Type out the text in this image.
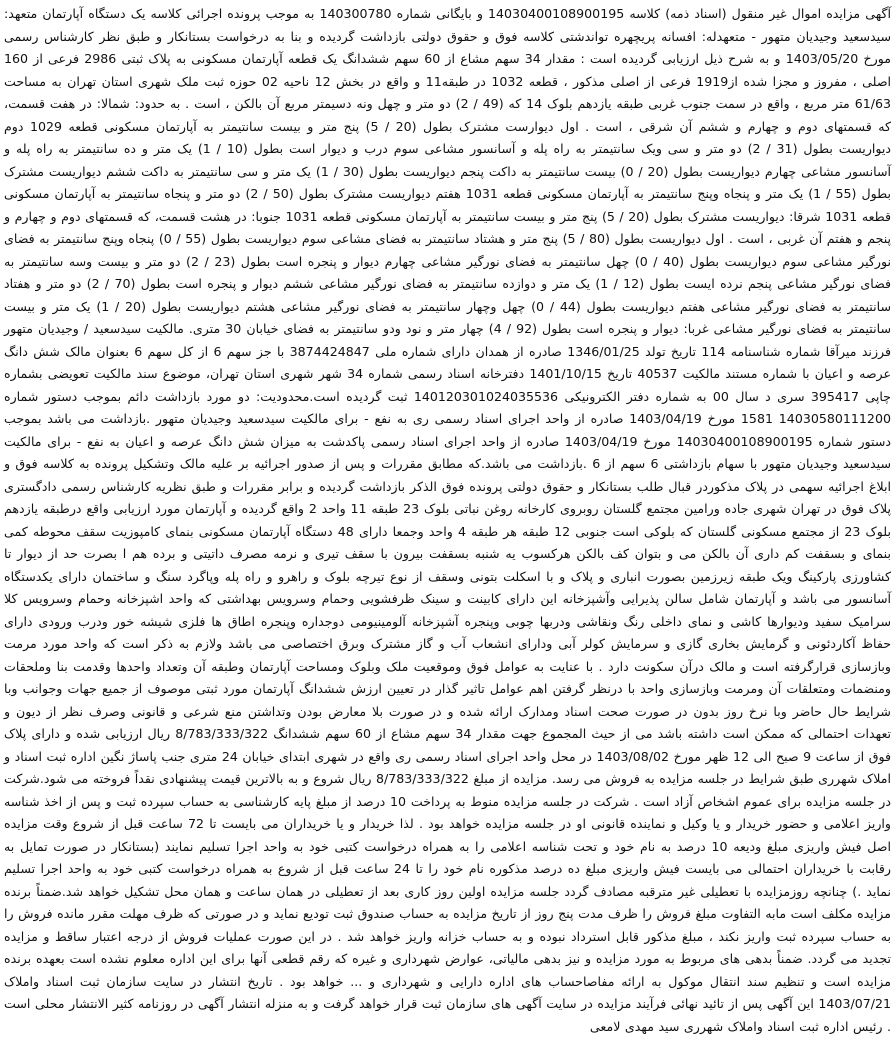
آگهی مزایده اموال غیر منقول (اسناد ذمه) کلاسه 14030400108900195 و بایگانی شماره 140300780 به موجب پرونده اجرائی کلاسه یک دستگاه آپارتمان متعهد: سیدسعید وجیدیان متهور - متعهدله: افسانه پریچهره تواندشتی کلاسه فوق و حقوق دولتی بازداشت گردیده و بنا به درخواست بستانکار و طبق نظر کارشناس رسمی مورخ 1403/05/20 و به شرح ذیل ارزیابی گردیده است : مقدار 34 سهم مشاع از 60 سهم ششدانگ یک قطعه آپارتمان مسکونی به پلاک ثبتی 2986 فرعی از 160 اصلی ، مفروز و مجزا شده از1919 فرعی از اصلی مذکور ، قطعه 1032 در طبقه11 و واقع در بخش 12 ناحیه 02 حوزه ثبت ملک شهری استان تهران به مساحت 61/63 متر مربع ، واقع در سمت جنوب غربی طبقه یازدهم بلوک 14 که (49 / 2) دو متر و چهل ونه دسیمتر مربع آن بالکن ، است . به حدود: شمالا: در هفت قسمت، که قسمتهای دوم و چهارم و ششم آن شرقی ، است . اول دیوارست مشترک بطول (20 / 5) پنج متر و بیست سانتیمتر به آپارتمان مسکونی قطعه 1029 دوم دیواریست بطول (31 / 2) دو متر و سی ویک سانتیمتر به راه پله و آسانسور مشاعی سوم درب و دیوار است بطول (10 / 1) یک متر و ده سانتیمتر به راه پله و آسانسور مشاعی چهارم دیواریست بطول (20 / 0) بیست سانتیمتر به داکت پنجم دیواریست بطول (30 / 1) یک متر و سی سانتیمتر به داکت ششم دیواریست مشترک بطول (55 / 1) یک متر و پنجاه وپنج سانتیمتر به آپارتمان مسکونی قطعه 1031 هفتم دیواریست مشترک بطول (50 / 2) دو متر و پنجاه سانتیمتر به آپارتمان مسکونی قطعه 1031 شرقا: دیواریست مشترک بطول (20 / 5) پنج متر و بیست سانتیمتر به آپارتمان مسکونی قطعه 1031 جنوبا: در هشت قسمت، که قسمتهای دوم و چهارم و پنجم و هفتم آن غربی ، است . اول دیواریست بطول (80 / 5) پنج متر و هشتاد سانتیمتر به فضای مشاعی سوم دیواریست بطول (55 / 0) پنجاه وپنج سانتیمتر به فضای نورگیر مشاعی سوم دیواریست بطول (40 / 0) چهل سانتیمتر به فضای نورگیر مشاعی چهارم دیوار و پنجره است بطول (23 / 2) دو متر و بیست وسه سانتیمتر به فضای نورگیر مشاعی پنجم نرده ایست بطول (12 / 1) یک متر و دوازده سانتیمتر به فضای نورگیر مشاعی ششم دیوار و پنجره است بطول (70 / 2) دو متر و هفتاد سانتیمتر به فضای نورگیر مشاعی هفتم دیواریست بطول (44 / 0) چهل وچهار سانتیمتر به فضای نورگیر مشاعی هشتم دیواریست بطول (20 / 1) یک متر و بیست سانتیمتر به فضای نورگیر مشاعی غربا: دیوار و پنجره است بطول (92 / 4) چهار متر و نود ودو سانتیمتر به فضای خیابان 30 متری. مالکیت سیدسعید / وجیدیان متهور فرزند میرآقا شماره شناسنامه 114 تاریخ تولد 1346/01/25 صادره از همدان دارای شماره ملی 3874424847 با جز سهم 6 از کل سهم 6 بعنوان مالک شش دانگ عرصه و اعیان با شماره مستند مالکیت 40537 تاریخ 1401/10/15 دفترخانه اسناد رسمی شماره 34 شهر شهری استان تهران، موضوع سند مالکیت تعویضی بشماره چاپی 395417 سری د سال 00 به شماره دفتر الکترونیکی 140120301024035536 ثبت گردیده است.محدودیت: دو مورد بازداشت دائم بموجب دستور شماره 14030580111200 1581 مورخ 1403/04/19 صادره از واحد اجرای اسناد رسمی ری به نفع - برای مالکیت سیدسعید وجیدیان متهور .بازداشت می باشد بموجب دستور شماره 14030400108900195 مورخ 1403/04/19 صادره از واحد اجرای اسناد رسمی پاکدشت به میزان شش دانگ عرصه و اعیان به نفع - برای مالکیت سیدسعید وجیدیان متهور با سهام بازداشتی 6 سهم از 6 .بازداشت می باشد.که مطابق مقررات و پس از صدور اجرائیه بر علیه مالک وتشکیل پرونده به کلاسه فوق و ابلاغ اجرائیه سهمی در پلاک مذکوردر قبال طلب بستانکار و حقوق دولتی پرونده فوق الذکر بازداشت گردیده و برابر مقررات و طبق نظریه کارشناس رسمی دادگستری پلاک فوق در تهران شهری جاده ورامین مجتمع گلستان روبروی کارخانه روغن نباتی بلوک 23 طبقه 11 واحد 2 واقع گردیده و آپارتمان مورد ارزیابی واقع درطبقه یازدهم بلوک 23 از مجتمع مسکونی گلستان که بلوکی است جنوبی 12 طبقه هر طبقه 4 واحد وجمعا دارای 48 دستگاه آپارتمان مسکونی بنمای کامپوزیت سقف محوطه کمی بنمای و بسقفت کم داری آن بالکن می و بتوان کف بالکن هرکسوب یه شنبه بسقفت بیرون با سقف تیری و نرمه مصرف داتیتی و برده هم ا بصرت حد از دیوار تا کشاورزی پارکینگ ویک طبقه زیرزمین بصورت انباری و پلاک و با اسکلت بتونی وسقف از نوع تیرچه بلوک و راهرو و راه پله وپاگرد سنگ و ساختمان دارای یکدستگاه آسانسور می باشد و آپارتمان شامل سالن پذیرایی وآشپزخانه این دارای کابینت و سینک ظرفشویی وحمام وسرویس بهداشتی که واحد اشپزخانه وحمام وسرویس کلا سرامیک سفید ودیوارها کاشی و نمای داخلی رنگ ونقاشی ودربها چوبی وپنجره آشپزخانه آلومینیومی دوجداره وپنجره اطاق ها فلزی شیشه خور ودرب ورودی دارای حفاظ آکاردئونی و گرمایش بخاری گازی و سرمایش کولر آبی ودارای انشعاب آب و گاز مشترک وبرق اختصاصی می باشد ولازم به ذکر است که واحد مورد مرمت وبازسازی قرارگرفته است و مالک درآن سکونت دارد . با عنایت به عوامل فوق وموقعیت ملک وبلوک ومساحت آپارتمان وطبقه آن وتعداد واحدها وقدمت بنا وملحقات ومنضمات ومتعلقات آن ومرمت وبازسازی واحد با درنظر گرفتن اهم عوامل تاثیر گذار در تعیین ارزش ششدانگ آپارتمان مورد ثبتی موصوف از جمیع جهات وجوانب وبا شرایط حال حاضر وبا نرخ روز بدون در صورت صحت اسناد ومدارک ارائه شده و در صورت بلا معارض بودن وتداشتن منع شرعی و قانونی وصرف نظر از دیون و تعهدات احتمالی که ممکن است داشته باشد می از حیث المجموع جهت مقدار 34 سهم مشاع از 60 سهم ششدانگ 8/783/333/322 ریال ارزیابی شده و دارای پلاک فوق از ساعت 9 صبح الی 12 ظهر مورخ 1403/08/02 در محل واحد اجرای اسناد رسمی ری واقع در شهری ابتدای خیابان 24 متری جنب پاساژ نگین اداره ثبت اسناد و املاک شهرری طبق شرایط در جلسه مزایده به فروش می رسد. مزایده از مبلغ 8/783/333/322 ریال شروع و به بالاترین قیمت پیشنهادی نقداً فروخته می شود.شرکت در جلسه مزایده برای عموم اشخاص آزاد است . شرکت در جلسه مزایده منوط به پرداخت 10 درصد از مبلغ پایه کارشناسی به حساب سپرده ثبت و پس از اخذ شناسه واریز اعلامی و حضور خریدار و یا وکیل و نماینده قانونی او در جلسه مزایده خواهد بود . لذا خریدار و یا خریداران می بایست تا 72 ساعت قبل از شروع وقت مزایده اصل فیش واریزی مبلغ ودیعه 10 درصد به نام خود و تحت شناسه اعلامی را به همراه درخواست کتبی خود به واحد اجرا تسلیم نمایند (بستانکار در صورت تمایل به رقابت با خریداران احتمالی می بایست فیش واریزی مبلغ ده درصد مذکوره نام خود را تا 24 ساعت قبل از شروع به همراه درخواست کتبی خود به واحد اجرا تسلیم نماید .) چنانچه روزمزایده با تعطیلی غیر مترقبه مصادف گردد جلسه مزایده اولین روز کاری بعد از تعطیلی در همان ساعت و همان محل تشکیل خواهد شد.ضمناً برنده مزایده مکلف است مابه التفاوت مبلغ فروش را ظرف مدت پنج روز از تاریخ مزایده به حساب صندوق ثبت تودیع نماید و در صورتی که ظرف مهلت مقرر مانده فروش را به حساب سپرده ثبت واریز نکند ، مبلغ مذکور قابل استرداد نبوده و به حساب خزانه واریز خواهد شد . در این صورت عملیات فروش از درجه اعتبار ساقط و مزایده تجدید می گردد. ضمناً بدهی های مربوط به مورد مزایده و نیز بدهی مالیاتی، عوارض شهرداری و غیره که رقم قطعی آنها برای این اداره معلوم نشده است بعهده برنده مزایده است و تنظیم سند انتقال موکول به ارائه مفاصاحساب های اداره دارایی و شهرداری و ... خواهد بود . تاریخ انتشار در سایت سازمان ثبت اسناد واملاک 1403/07/21 این آگهی پس از تائید نهائی فرآیند مزایده در سایت آگهی های سازمان ثبت قرار خواهد گرفت و به منزله انتشار آگهی در روزنامه کثیر الانتشار محلی است . رئیس اداره ثبت اسناد واملاک شهرری سید مهدی لامعی
